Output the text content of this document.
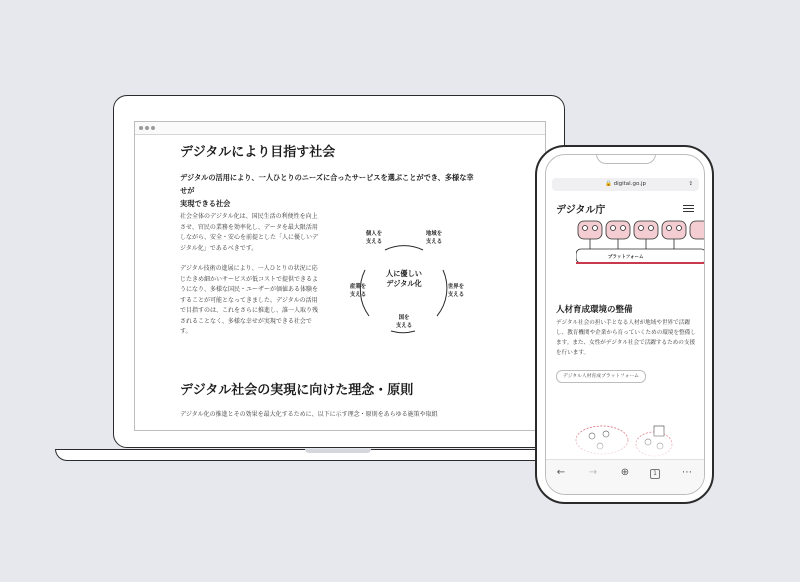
デジタルにより目指す社会
デジタルの活用により、一人ひとりのニーズに合ったサービスを選ぶことができ、多様な幸せが
実現できる社会
社会全体のデジタル化は、国民生活の利便性を向上させ、官民の業務を効率化し、データを最大限活用しながら、安全・安心を前提とした「人に優しいデジタル化」であるべきです。
デジタル技術の進展により、一人ひとりの状況に応じたきめ細かいサービスが低コストで提供できるようになり、多様な国民・ユーザーが価値ある体験をすることが可能となってきました。デジタルの活用で目指すのは、これをさらに推進し、誰一人取り残されることなく、多様な幸せが実現できる社会です。
個人を
支える
地域を
支える
世界を
支える
国を
支える
産業を
支える
人に優しい
デジタル化
デジタル社会の実現に向けた理念・原則
デジタル化の推進とその効果を最大化するために、以下に示す理念・原則をあらゆる施策や取組
🔒 digital.go.jp	⇪
デジタル庁
プラットフォーム
人材育成環境の整備
デジタル社会の担い手となる人材が地域や世界で活躍し、教育機関や企業から育っていくための環境を整備します。また、女性がデジタル社会で活躍するための支援を行います。
デジタル人材育成プラットフォーム
← → ⊕	1	⋯
